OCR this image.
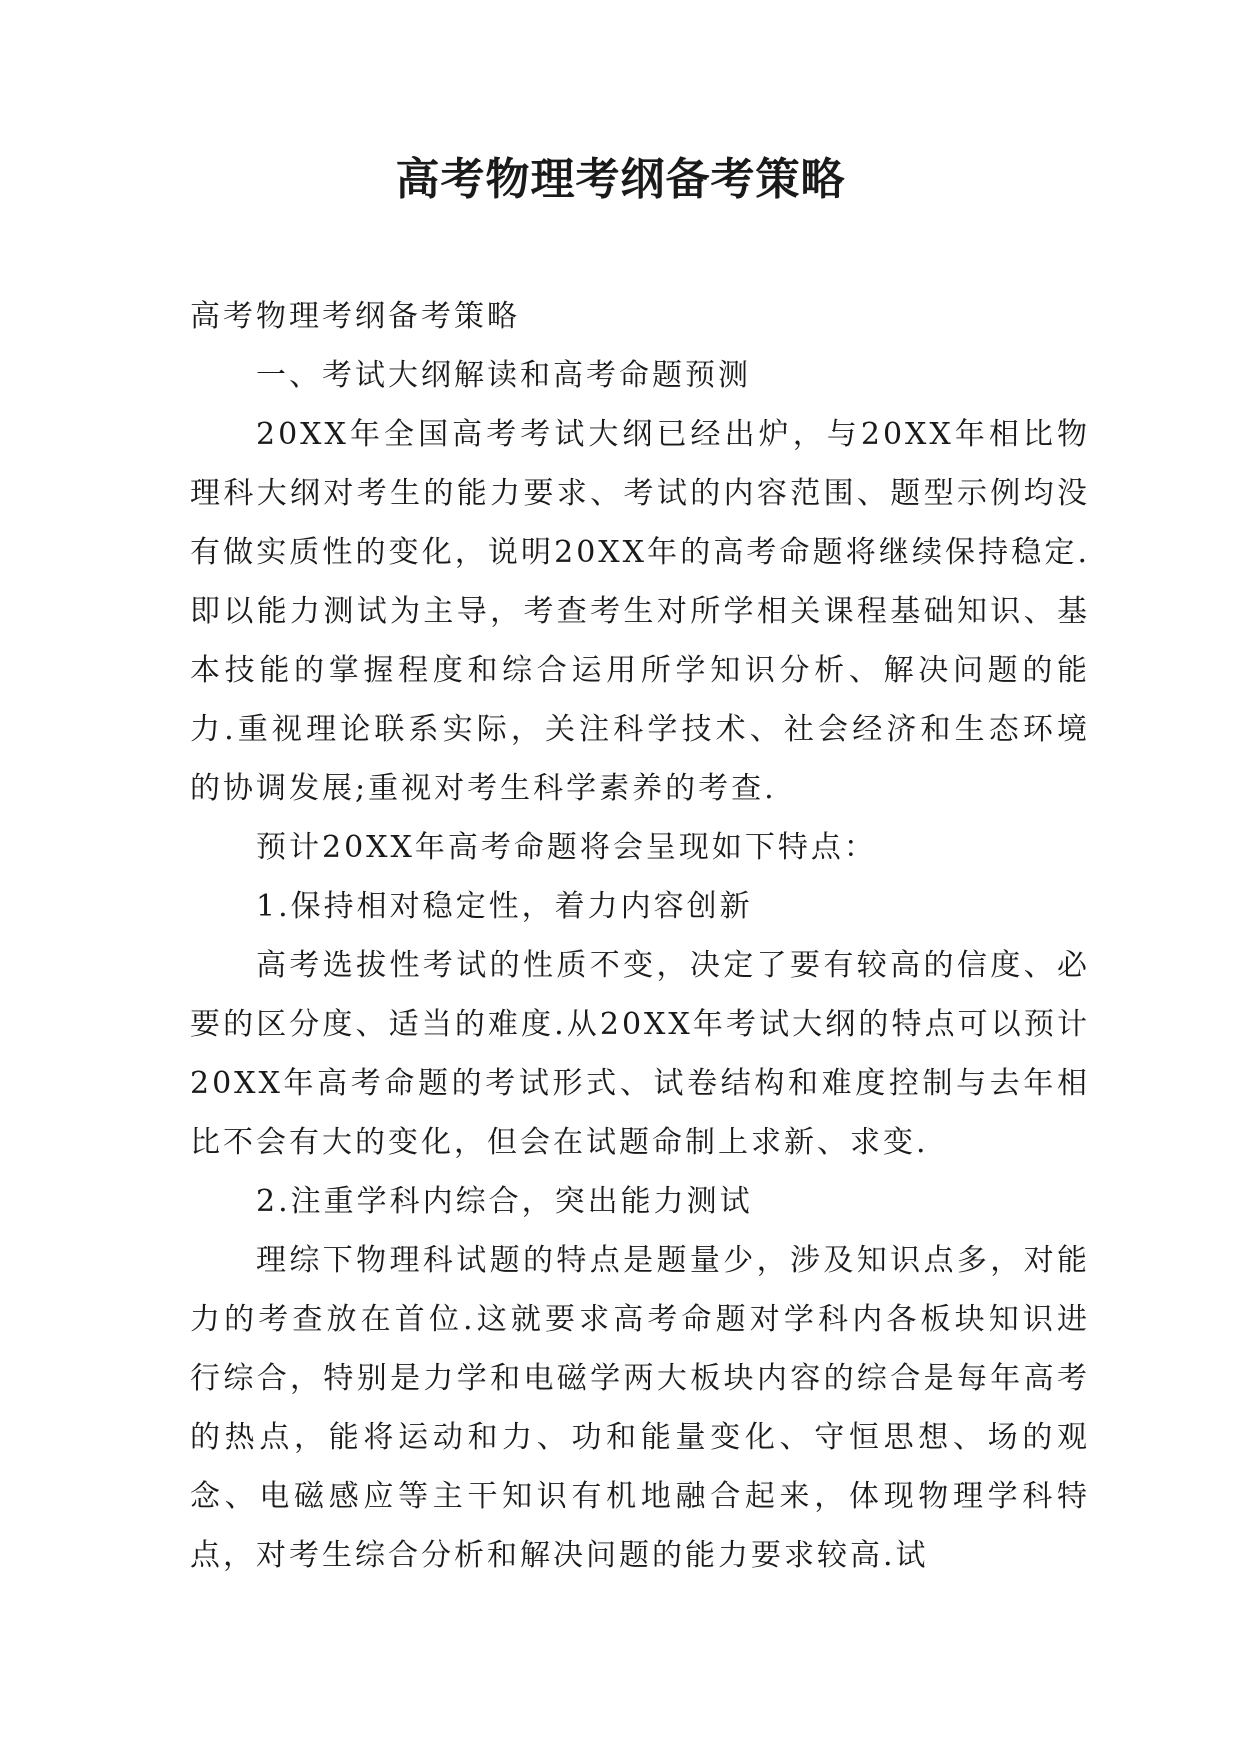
高考物理考纲备考策略

高考物理考纲备考策略

一、考试大纲解读和高考命题预测

20XX年全国高考考试大纲已经出炉，与20XX年相比物理科大纲对考生的能力要求、考试的内容范围、题型示例均没有做实质性的变化，说明20XX年的高考命题将继续保持稳定.即以能力测试为主导，考查考生对所学相关课程基础知识、基本技能的掌握程度和综合运用所学知识分析、解决问题的能力.重视理论联系实际，关注科学技术、社会经济和生态环境的协调发展;重视对考生科学素养的考查.

预计20XX年高考命题将会呈现如下特点：

1.保持相对稳定性，着力内容创新

高考选拔性考试的性质不变，决定了要有较高的信度、必要的区分度、适当的难度.从20XX年考试大纲的特点可以预计20XX年高考命题的考试形式、试卷结构和难度控制与去年相比不会有大的变化，但会在试题命制上求新、求变.

2.注重学科内综合，突出能力测试

理综下物理科试题的特点是题量少，涉及知识点多，对能力的考查放在首位.这就要求高考命题对学科内各板块知识进行综合，特别是力学和电磁学两大板块内容的综合是每年高考的热点，能将运动和力、功和能量变化、守恒思想、场的观念、电磁感应等主干知识有机地融合起来，体现物理学科特点，对考生综合分析和解决问题的能力要求较高.试
